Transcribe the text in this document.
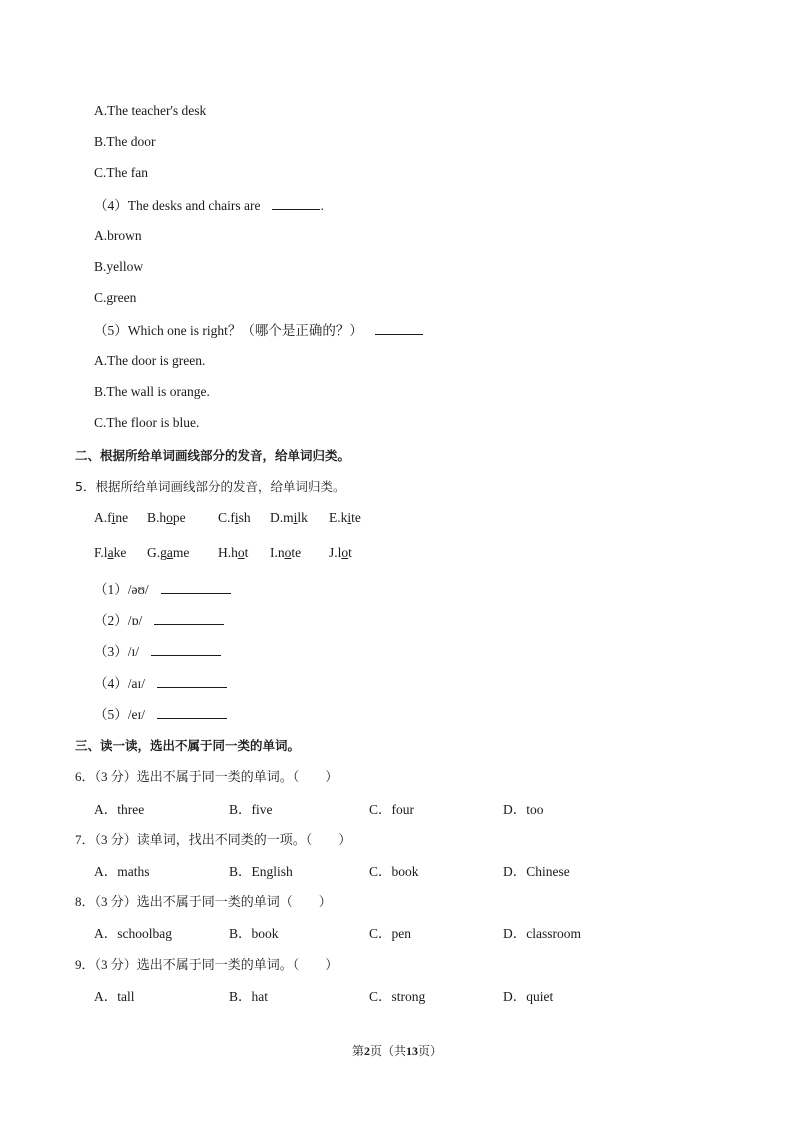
A.The teacher's desk
B.The door
C.The fan
（4）The desks and chairs are	.
A.brown
B.yellow
C.green
（5）Which one is right？（哪个是正确的？）
A.The door is green.
B.The wall is orange.
C.The floor is blue.
二、根据所给单词画线部分的发音，给单词归类。
5．根据所给单词画线部分的发音，给单词归类。
A.fine B.hope C.fish D.milk E.kite
F.lake G.game H.hot I.note J.lot
（1）/əʊ/
（2）/ɒ/
（3）/ɪ/
（4）/aɪ/
（5）/eɪ/
三、读一读，选出不属于同一类的单词。
6．（3 分）选出不属于同一类的单词。（　　）
A．three	B．five	C．four	D．too
7．（3 分）读单词，找出不同类的一项。（　　）
A．maths	B．English	C．book	D．Chinese
8．（3 分）选出不属于同一类的单词（　　）
A．schoolbag	B．book	C．pen	D．classroom
9．（3 分）选出不属于同一类的单词。（　　）
A．tall	B．hat	C．strong	D．quiet
第2页（共13页）
